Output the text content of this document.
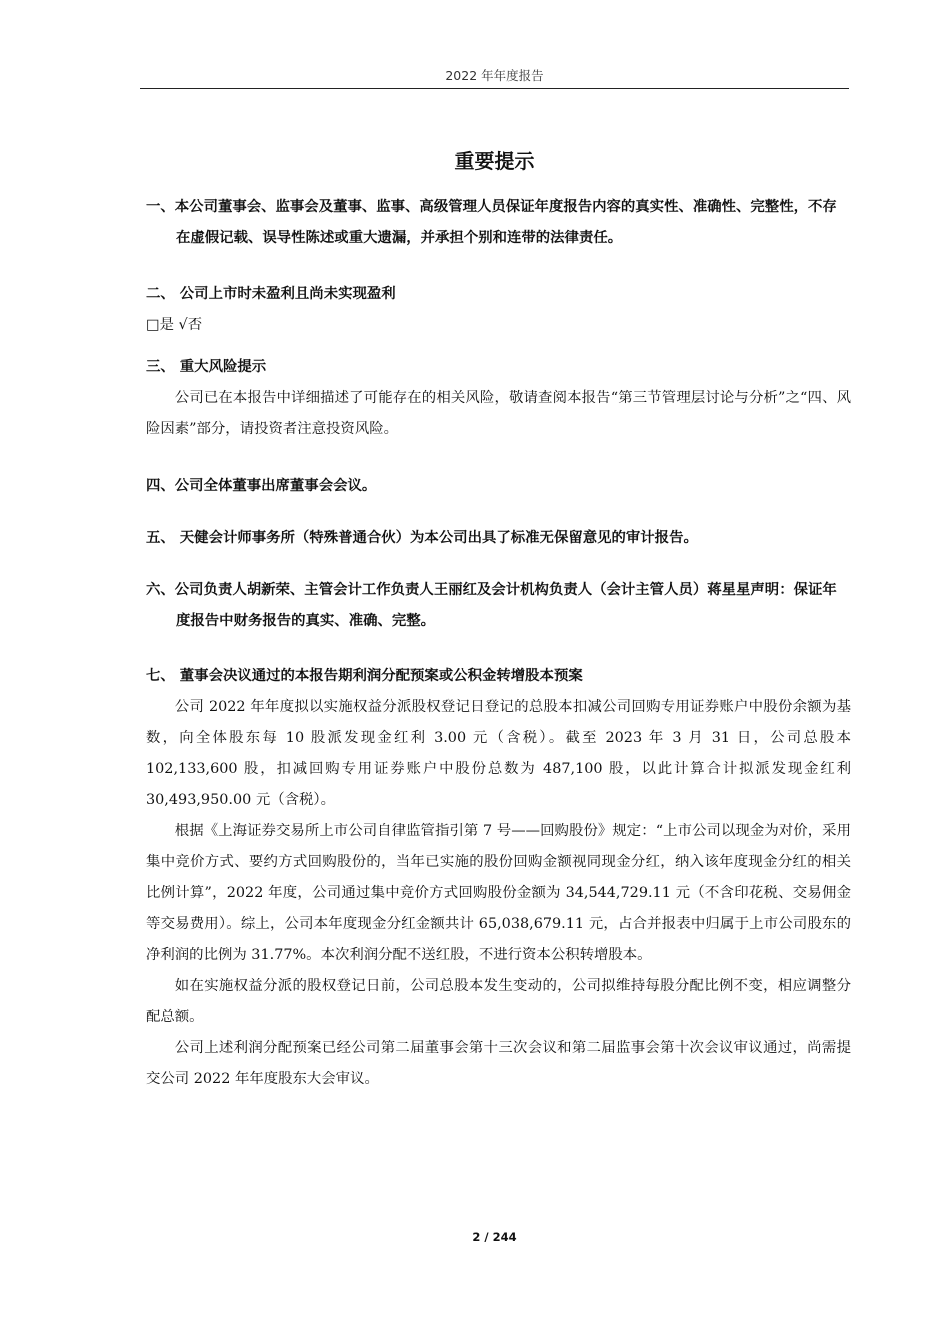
2022 年年度报告
重要提示

一、本公司董事会、监事会及董事、监事、高级管理人员保证年度报告内容的真实性、准确性、完整性，不存在虚假记载、误导性陈述或重大遗漏，并承担个别和连带的法律责任。

二、 公司上市时未盈利且尚未实现盈利

□是 √否

三、 重大风险提示

公司已在本报告中详细描述了可能存在的相关风险，敬请查阅本报告“第三节管理层讨论与分析”之“四、风险因素”部分，请投资者注意投资风险。

四、公司全体董事出席董事会会议。

五、 天健会计师事务所（特殊普通合伙）为本公司出具了标准无保留意见的审计报告。

六、公司负责人胡新荣、主管会计工作负责人王丽红及会计机构负责人（会计主管人员）蒋星星声明：保证年度报告中财务报告的真实、准确、完整。

七、 董事会决议通过的本报告期利润分配预案或公积金转增股本预案

公司 2022 年年度拟以实施权益分派股权登记日登记的总股本扣减公司回购专用证券账户中股份余额为基数，向全体股东每 10 股派发现金红利 3.00 元（含税）。截至 2023 年 3 月 31 日，公司总股本 102,133,600 股，扣减回购专用证券账户中股份总数为 487,100 股，以此计算合计拟派发现金红利 30,493,950.00 元（含税）。

根据《上海证券交易所上市公司自律监管指引第 7 号——回购股份》规定：“上市公司以现金为对价，采用集中竞价方式、要约方式回购股份的，当年已实施的股份回购金额视同现金分红，纳入该年度现金分红的相关比例计算”，2022 年度，公司通过集中竞价方式回购股份金额为 34,544,729.11 元（不含印花税、交易佣金等交易费用）。综上，公司本年度现金分红金额共计 65,038,679.11 元，占合并报表中归属于上市公司股东的净利润的比例为 31.77%。本次利润分配不送红股，不进行资本公积转增股本。

如在实施权益分派的股权登记日前，公司总股本发生变动的，公司拟维持每股分配比例不变，相应调整分配总额。

公司上述利润分配预案已经公司第二届董事会第十三次会议和第二届监事会第十次会议审议通过，尚需提交公司 2022 年年度股东大会审议。

2 / 244
